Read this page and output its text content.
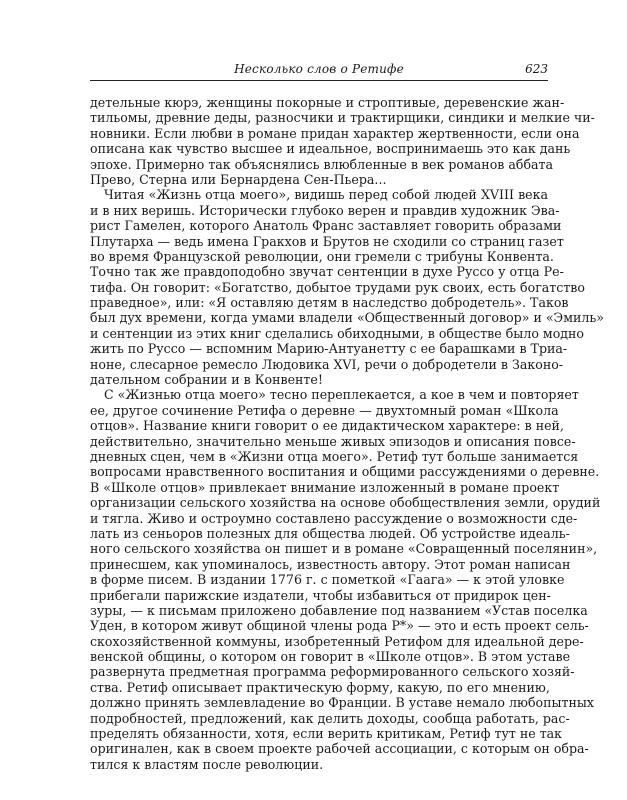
Несколько слов о Ретифе	623
детельные кюрэ, женщины покорные и строптивые, деревенские жан-
тильомы, древние деды, разносчики и трактирщики, синдики и мелкие чи-
новники. Если любви в романе придан характер жертвенности, если она
описана как чувство высшее и идеальное, воспринимаешь это как дань
эпохе. Примерно так объяснялись влюбленные в век романов аббата
Прево, Стерна или Бернардена Сен-Пьера...
Читая «Жизнь отца моего», видишь перед собой людей XVIII века
и в них веришь. Исторически глубоко верен и правдив художник Эва-
рист Гамелен, которого Анатоль Франс заставляет говорить образами
Плутарха — ведь имена Гракхов и Брутов не сходили со страниц газет
во время Французской революции, они гремели с трибуны Конвента.
Точно так же правдоподобно звучат сентенции в духе Руссо у отца Ре-
тифа. Он говорит: «Богатство, добытое трудами рук своих, есть богатство
праведное», или: «Я оставляю детям в наследство добродетель». Таков
был дух времени, когда умами владели «Общественный договор» и «Эмиль»
и сентенции из этих книг сделались обиходными, в обществе было модно
жить по Руссо — вспомним Марию-Антуанетту с ее барашками в Триа-
ноне, слесарное ремесло Людовика XVI, речи о добродетели в Законо-
дательном собрании и в Конвенте!
С «Жизнью отца моего» тесно переплекается, а кое в чем и повторяет
ее, другое сочинение Ретифа о деревне — двухтомный роман «Школа
отцов». Название книги говорит о ее дидактическом характере: в ней,
действительно, значительно меньше живых эпизодов и описания повсе-
дневных сцен, чем в «Жизни отца моего». Ретиф тут больше занимается
вопросами нравственного воспитания и общими рассуждениями о деревне.
В «Школе отцов» привлекает внимание изложенный в романе проект
организации сельского хозяйства на основе обобществления земли, орудий
и тягла. Живо и остроумно составлено рассуждение о возможности сде-
лать из сеньоров полезных для общества людей. Об устройстве идеаль-
ного сельского хозяйства он пишет и в романе «Совращенный поселянин»,
принесшем, как упоминалось, известность автору. Этот роман написан
в форме писем. В издании 1776 г. с пометкой «Гаага» — к этой уловке
прибегали парижские издатели, чтобы избавиться от придирок цен-
зуры, — к письмам приложено добавление под названием «Устав поселка
Уден, в котором живут общиной члены рода Р*» — это и есть проект сель-
скохозяйственной коммуны, изобретенный Ретифом для идеальной дере-
венской общины, о котором он говорит в «Школе отцов». В этом уставе
развернута предметная программа реформированного сельского хозяй-
ства. Ретиф описывает практическую форму, какую, по его мнению,
должно принять землевладение во Франции. В уставе немало любопытных
подробностей, предложений, как делить доходы, сообща работать, рас-
пределять обязанности, хотя, если верить критикам, Ретиф тут не так
оригинален, как в своем проекте рабочей ассоциации, с которым он обра-
тился к властям после революции.
